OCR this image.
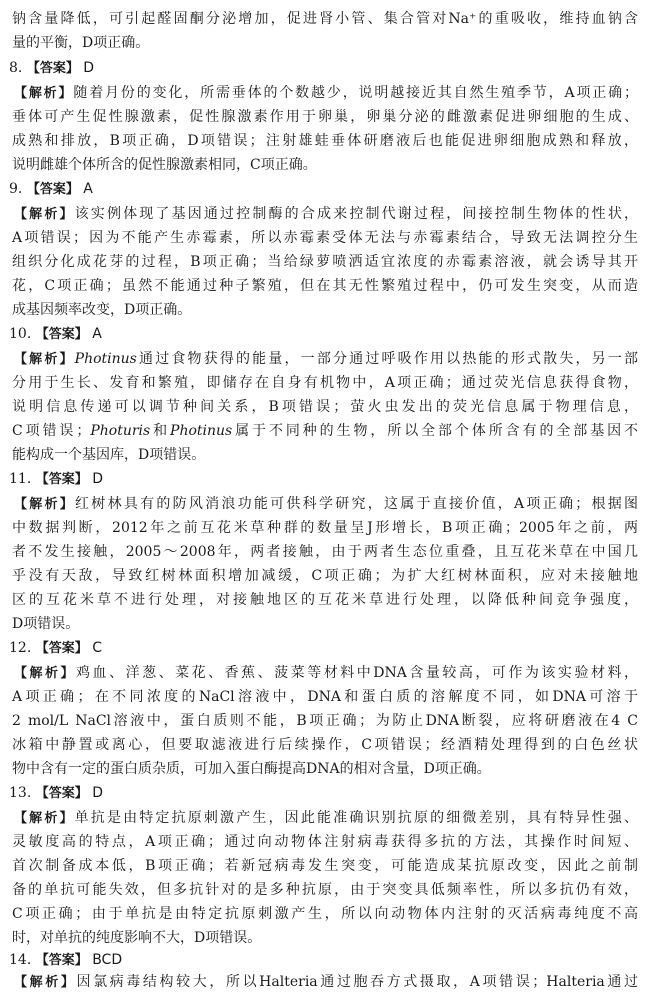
钠含量降低，可引起醛固酮分泌增加，促进肾小管、集合管对Na⁺的重吸收，维持血钠含
量的平衡，D项正确。
8. 【答案】 D
【解析】随着月份的变化，所需垂体的个数越少，说明越接近其自然生殖季节，A项正确；
垂体可产生促性腺激素，促性腺激素作用于卵巢，卵巢分泌的雌激素促进卵细胞的生成、
成熟和排放，B项正确，D项错误；注射雄蛙垂体研磨液后也能促进卵细胞成熟和释放，
说明雌雄个体所含的促性腺激素相同，C项正确。
9. 【答案】 A
【解析】该实例体现了基因通过控制酶的合成来控制代谢过程，间接控制生物体的性状，
A项错误；因为不能产生赤霉素，所以赤霉素受体无法与赤霉素结合，导致无法调控分生
组织分化成花芽的过程，B项正确；当给绿萝喷洒适宜浓度的赤霉素溶液，就会诱导其开
花，C项正确；虽然不能通过种子繁殖，但在其无性繁殖过程中，仍可发生突变，从而造
成基因频率改变，D项正确。
10. 【答案】 A
【解析】Photinus通过食物获得的能量，一部分通过呼吸作用以热能的形式散失，另一部
分用于生长、发育和繁殖，即储存在自身有机物中，A项正确；通过荧光信息获得食物，
说明信息传递可以调节种间关系，B项错误；萤火虫发出的荧光信息属于物理信息，
C项错误；Photuris和Photinus属于不同种的生物，所以全部个体所含有的全部基因不
能构成一个基因库，D项错误。
11. 【答案】 D
【解析】红树林具有的防风消浪功能可供科学研究，这属于直接价值，A项正确；根据图
中数据判断，2012年之前互花米草种群的数量呈J形增长，B项正确；2005年之前，两
者不发生接触，2005～2008年，两者接触，由于两者生态位重叠，且互花米草在中国几
乎没有天敌，导致红树林面积增加减缓，C项正确；为扩大红树林面积，应对未接触地
区的互花米草不进行处理，对接触地区的互花米草进行处理，以降低种间竞争强度，
D项错误。
12. 【答案】 C
【解析】鸡血、洋葱、菜花、香蕉、菠菜等材料中DNA含量较高，可作为该实验材料，
A项正确；在不同浓度的NaCl溶液中，DNA和蛋白质的溶解度不同，如DNA可溶于
2 mol/L NaCl溶液中，蛋白质则不能，B项正确；为防止DNA断裂，应将研磨液在4 C
冰箱中静置或离心，但要取滤液进行后续操作，C项错误；经酒精处理得到的白色丝状
物中含有一定的蛋白质杂质，可加入蛋白酶提高DNA的相对含量，D项正确。
13. 【答案】 D
【解析】单抗是由特定抗原刺激产生，因此能准确识别抗原的细微差别，具有特异性强、
灵敏度高的特点，A项正确；通过向动物体注射病毒获得多抗的方法，其操作时间短、
首次制备成本低，B项正确；若新冠病毒发生突变，可能造成某抗原改变，因此之前制
备的单抗可能失效，但多抗针对的是多种抗原，由于突变具低频率性，所以多抗仍有效，
C项正确；由于单抗是由特定抗原刺激产生，所以向动物体内注射的灭活病毒纯度不高
时，对单抗的纯度影响不大，D项错误。
14. 【答案】 BCD
【解析】因氯病毒结构较大，所以Halteria通过胞吞方式摄取，A项错误；Halteria通过
